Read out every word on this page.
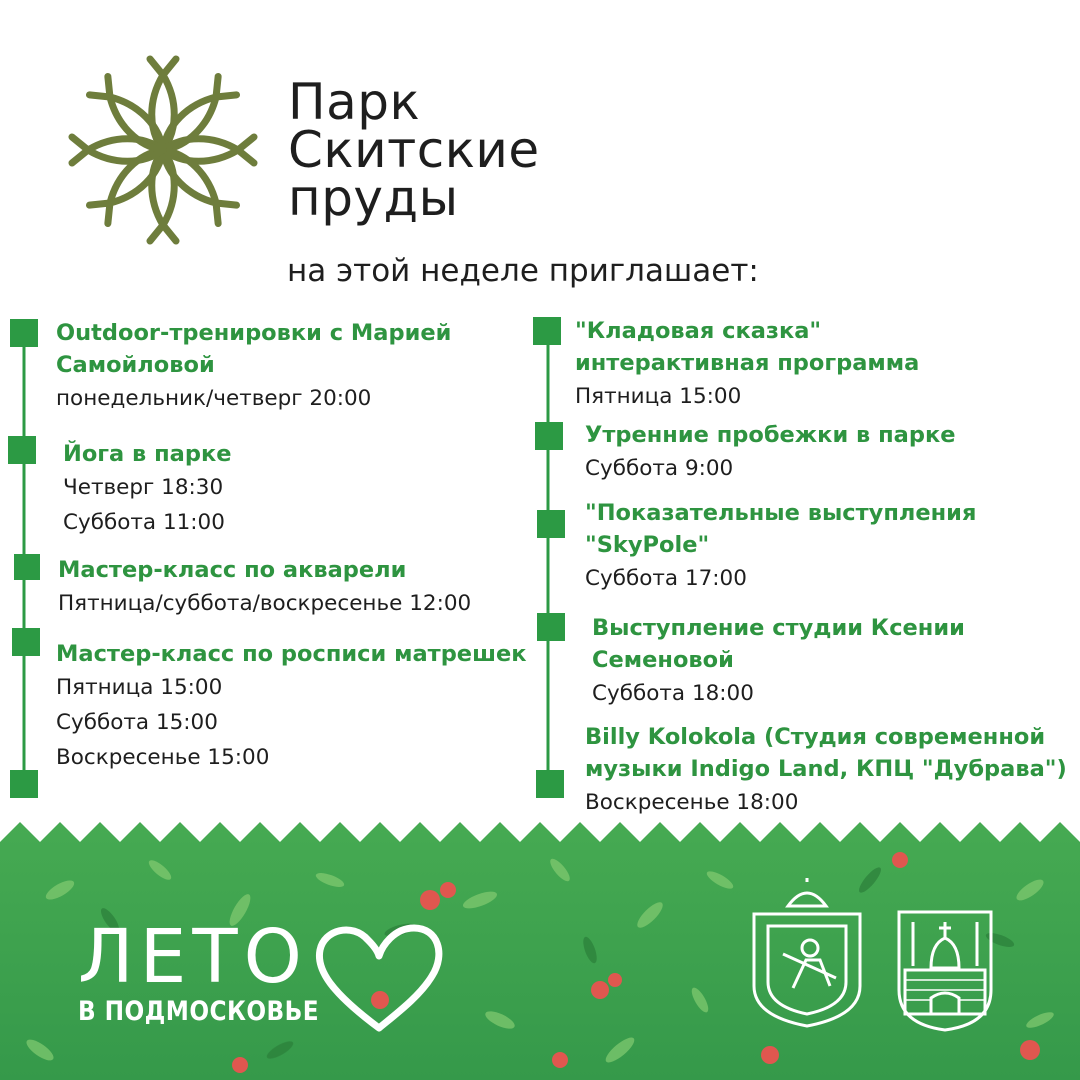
Парк
Скитские
пруды
на этой неделе приглашает:
Outdoor-тренировки с Марией
Самойловой
понедельник/четверг 20:00
Йога в парке
Четверг 18:30
Суббота 11:00
Мастер-класс по акварели
Пятница/суббота/воскресенье 12:00
Мастер-класс по росписи матрешек
Пятница 15:00
Суббота 15:00
Воскресенье 15:00
"Кладовая сказка"
интерактивная программа
Пятница 15:00
Утренние пробежки в парке
Суббота 9:00
"Показательные выступления
"SkyPole"
Суббота 17:00
Выступление студии Ксении
Семеновой
Суббота 18:00
Billy Kolokola (Студия современной
музыки Indigo Land, КПЦ "Дубрава")
Воскресенье 18:00
ЛЕТО
В ПОДМОСКОВЬЕ
